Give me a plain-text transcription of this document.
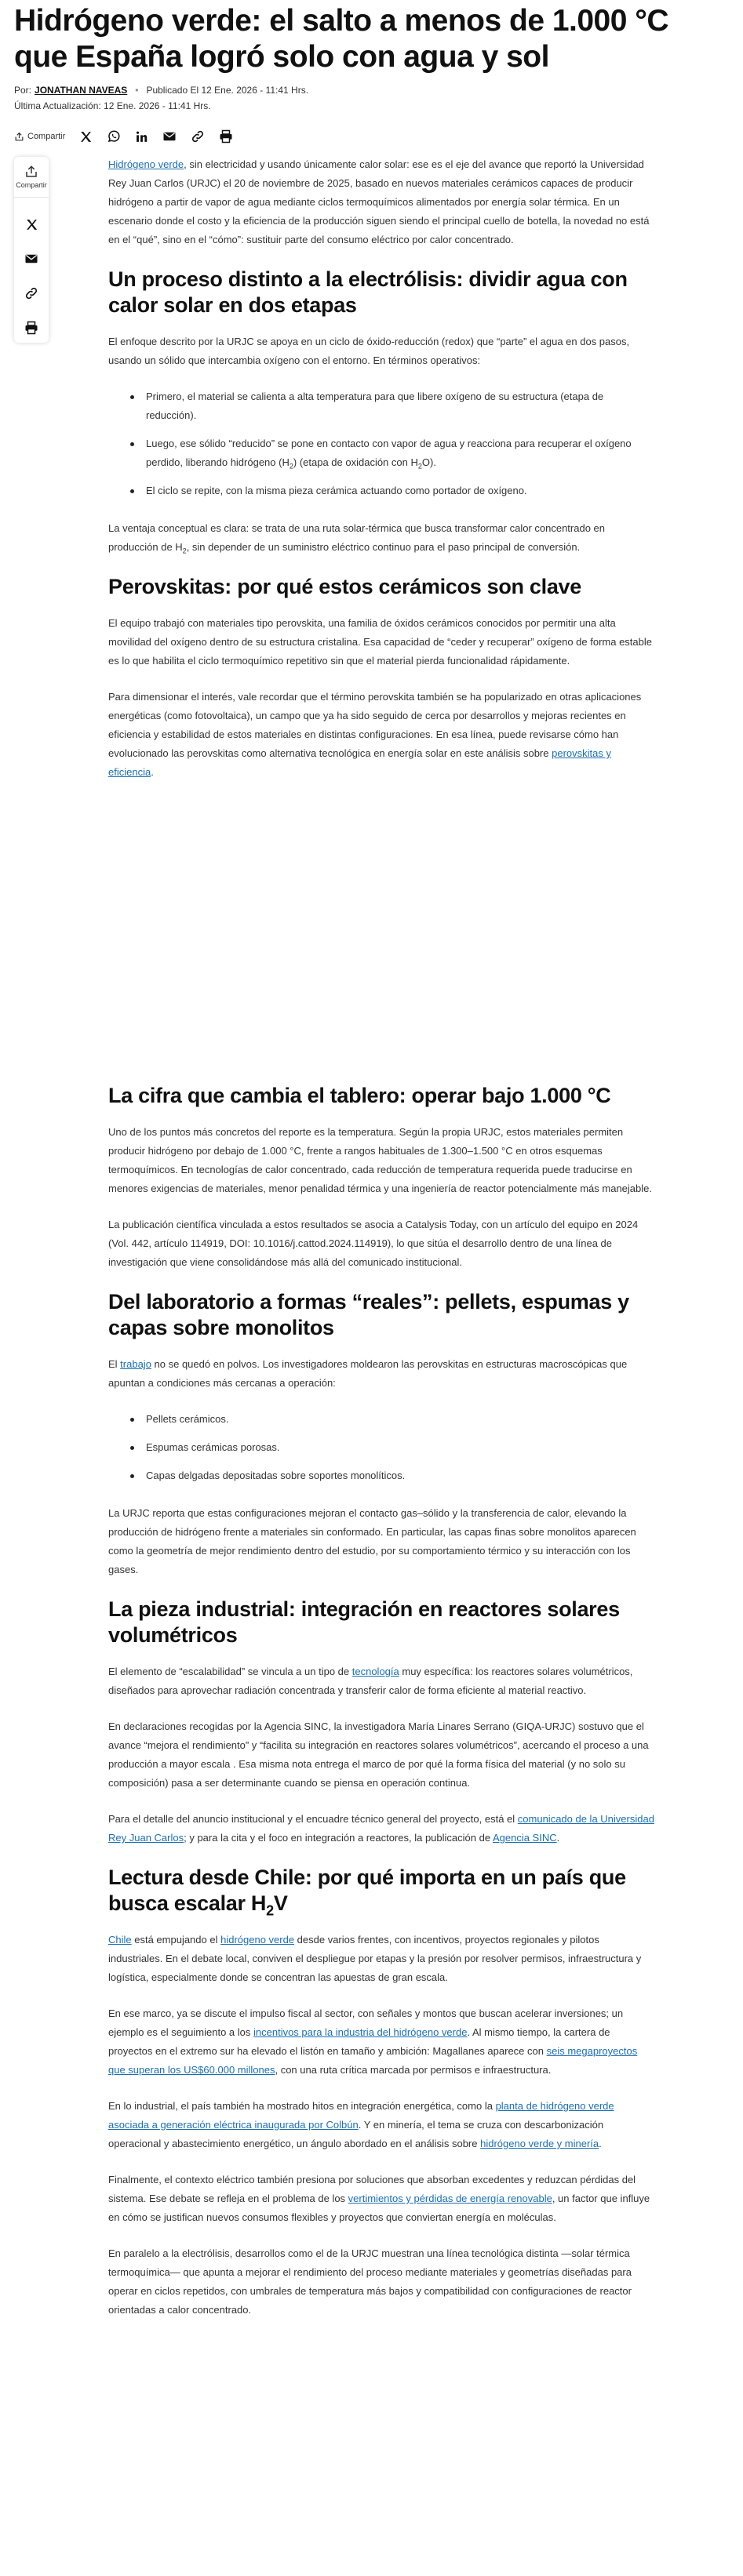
Hidrógeno verde: el salto a menos de 1.000 °C que España logró solo con agua y sol
Por: JONATHAN NAVEAS • Publicado El 12 Ene. 2026 - 11:41 Hrs.
Última Actualización: 12 Ene. 2026 - 11:41 Hrs.
Compartir
Compartir

Hidrógeno verde, sin electricidad y usando únicamente calor solar: ese es el eje del avance que reportó la Universidad Rey Juan Carlos (URJC) el 20 de noviembre de 2025, basado en nuevos materiales cerámicos capaces de producir hidrógeno a partir de vapor de agua mediante ciclos termoquímicos alimentados por energía solar térmica. En un escenario donde el costo y la eficiencia de la producción siguen siendo el principal cuello de botella, la novedad no está en el “qué”, sino en el “cómo”: sustituir parte del consumo eléctrico por calor concentrado.

Un proceso distinto a la electrólisis: dividir agua con calor solar en dos etapas

El enfoque descrito por la URJC se apoya en un ciclo de óxido-reducción (redox) que “parte” el agua en dos pasos, usando un sólido que intercambia oxígeno con el entorno. En términos operativos:

Primero, el material se calienta a alta temperatura para que libere oxígeno de su estructura (etapa de reducción).
Luego, ese sólido “reducido” se pone en contacto con vapor de agua y reacciona para recuperar el oxígeno perdido, liberando hidrógeno $(H_2)$ (etapa de oxidación con $H_2O$).
El ciclo se repite, con la misma pieza cerámica actuando como portador de oxígeno.

La ventaja conceptual es clara: se trata de una ruta solar-térmica que busca transformar calor concentrado en producción de $H_2$, sin depender de un suministro eléctrico continuo para el paso principal de conversión.

Perovskitas: por qué estos cerámicos son clave

El equipo trabajó con materiales tipo perovskita, una familia de óxidos cerámicos conocidos por permitir una alta movilidad del oxígeno dentro de su estructura cristalina. Esa capacidad de “ceder y recuperar” oxígeno de forma estable es lo que habilita el ciclo termoquímico repetitivo sin que el material pierda funcionalidad rápidamente.

Para dimensionar el interés, vale recordar que el término perovskita también se ha popularizado en otras aplicaciones energéticas (como fotovoltaica), un campo que ya ha sido seguido de cerca por desarrollos y mejoras recientes en eficiencia y estabilidad de estos materiales en distintas configuraciones. En esa línea, puede revisarse cómo han evolucionado las perovskitas como alternativa tecnológica en energía solar en este análisis sobre perovskitas y eficiencia.

La cifra que cambia el tablero: operar bajo 1.000 °C

Uno de los puntos más concretos del reporte es la temperatura. Según la propia URJC, estos materiales permiten producir hidrógeno por debajo de 1.000 °C, frente a rangos habituales de 1.300–1.500 °C en otros esquemas termoquímicos. En tecnologías de calor concentrado, cada reducción de temperatura requerida puede traducirse en menores exigencias de materiales, menor penalidad térmica y una ingeniería de reactor potencialmente más manejable.

La publicación científica vinculada a estos resultados se asocia a Catalysis Today, con un artículo del equipo en 2024 (Vol. 442, artículo 114919, DOI: 10.1016/j.cattod.2024.114919), lo que sitúa el desarrollo dentro de una línea de investigación que viene consolidándose más allá del comunicado institucional.

Del laboratorio a formas “reales”: pellets, espumas y capas sobre monolitos

El trabajo no se quedó en polvos. Los investigadores moldearon las perovskitas en estructuras macroscópicas que apuntan a condiciones más cercanas a operación:

Pellets cerámicos.
Espumas cerámicas porosas.
Capas delgadas depositadas sobre soportes monolíticos.

La URJC reporta que estas configuraciones mejoran el contacto gas–sólido y la transferencia de calor, elevando la producción de hidrógeno frente a materiales sin conformado. En particular, las capas finas sobre monolitos aparecen como la geometría de mejor rendimiento dentro del estudio, por su comportamiento térmico y su interacción con los gases.

La pieza industrial: integración en reactores solares volumétricos

El elemento de “escalabilidad” se vincula a un tipo de tecnología muy específica: los reactores solares volumétricos, diseñados para aprovechar radiación concentrada y transferir calor de forma eficiente al material reactivo.

En declaraciones recogidas por la Agencia SINC, la investigadora María Linares Serrano (GIQA-URJC) sostuvo que el avance “mejora el rendimiento” y “facilita su integración en reactores solares volumétricos”, acercando el proceso a una producción a mayor escala . Esa misma nota entrega el marco de por qué la forma física del material (y no solo su composición) pasa a ser determinante cuando se piensa en operación continua.

Para el detalle del anuncio institucional y el encuadre técnico general del proyecto, está el comunicado de la Universidad Rey Juan Carlos; y para la cita y el foco en integración a reactores, la publicación de Agencia SINC.

Lectura desde Chile: por qué importa en un país que busca escalar $H_2V$

Chile está empujando el hidrógeno verde desde varios frentes, con incentivos, proyectos regionales y pilotos industriales. En el debate local, conviven el despliegue por etapas y la presión por resolver permisos, infraestructura y logística, especialmente donde se concentran las apuestas de gran escala.

En ese marco, ya se discute el impulso fiscal al sector, con señales y montos que buscan acelerar inversiones; un ejemplo es el seguimiento a los incentivos para la industria del hidrógeno verde. Al mismo tiempo, la cartera de proyectos en el extremo sur ha elevado el listón en tamaño y ambición: Magallanes aparece con seis megaproyectos que superan los US$60.000 millones, con una ruta crítica marcada por permisos e infraestructura.

En lo industrial, el país también ha mostrado hitos en integración energética, como la planta de hidrógeno verde asociada a generación eléctrica inaugurada por Colbún. Y en minería, el tema se cruza con descarbonización operacional y abastecimiento energético, un ángulo abordado en el análisis sobre hidrógeno verde y minería.

Finalmente, el contexto eléctrico también presiona por soluciones que absorban excedentes y reduzcan pérdidas del sistema. Ese debate se refleja en el problema de los vertimientos y pérdidas de energía renovable, un factor que influye en cómo se justifican nuevos consumos flexibles y proyectos que conviertan energía en moléculas.

En paralelo a la electrólisis, desarrollos como el de la URJC muestran una línea tecnológica distinta —solar térmica termoquímica— que apunta a mejorar el rendimiento del proceso mediante materiales y geometrías diseñadas para operar en ciclos repetidos, con umbrales de temperatura más bajos y compatibilidad con configuraciones de reactor orientadas a calor concentrado.
